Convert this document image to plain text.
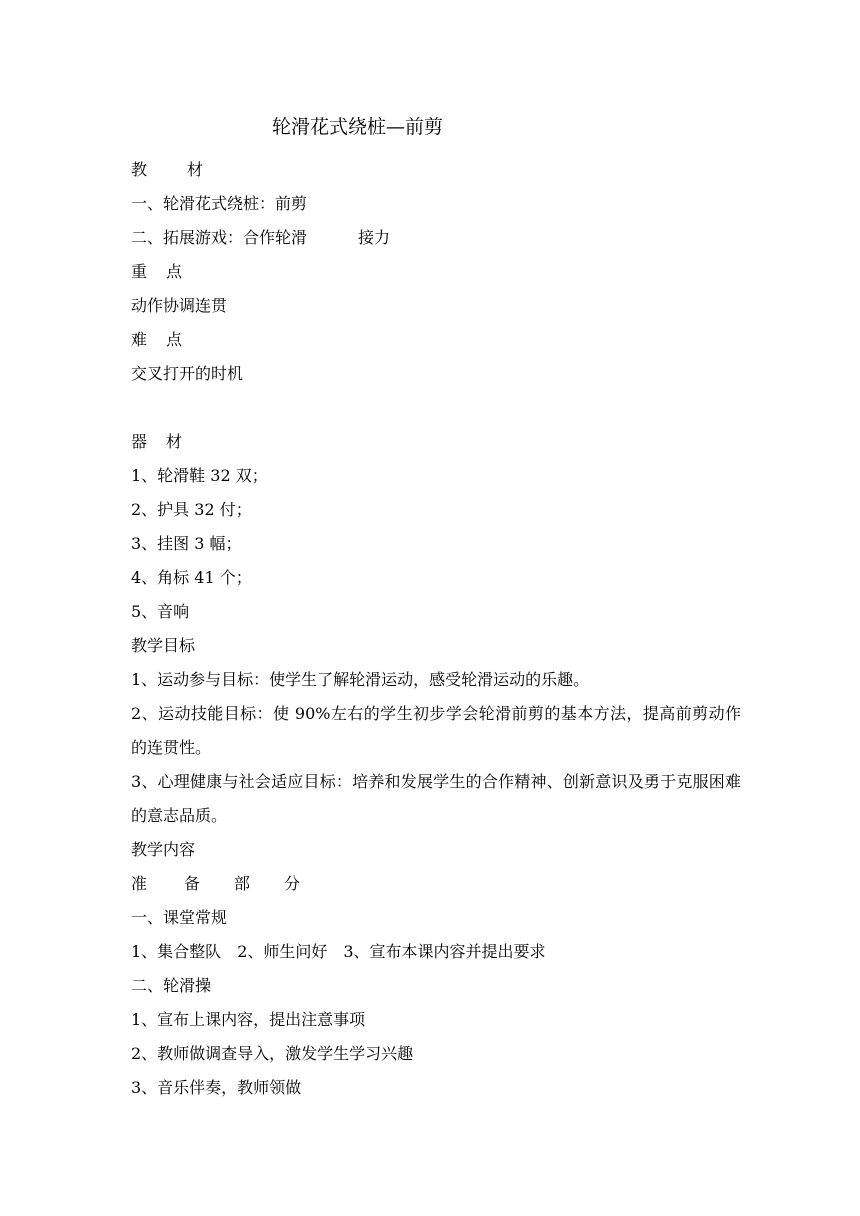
轮滑花式绕桩—前剪
教	材
一、轮滑花式绕桩：前剪
二、拓展游戏：合作轮滑	接力
重 点
动作协调连贯
难 点
交叉打开的时机
器 材
1、轮滑鞋 32 双；
2、护具 32 付；
3、挂图 3 幅；
4、角标 41 个；
5、音响
教学目标
1、运动参与目标：使学生了解轮滑运动，感受轮滑运动的乐趣。
2、运动技能目标：使 90%左右的学生初步学会轮滑前剪的基本方法，提高前剪动作的连贯性。
3、心理健康与社会适应目标：培养和发展学生的合作精神、创新意识及勇于克服困难的意志品质。
教学内容
准 备 部 分
一、课堂常规
1、集合整队 2、师生问好 3、宣布本课内容并提出要求
二、轮滑操
1、宣布上课内容，提出注意事项
2、教师做调查导入，激发学生学习兴趣
3、音乐伴奏，教师领做
